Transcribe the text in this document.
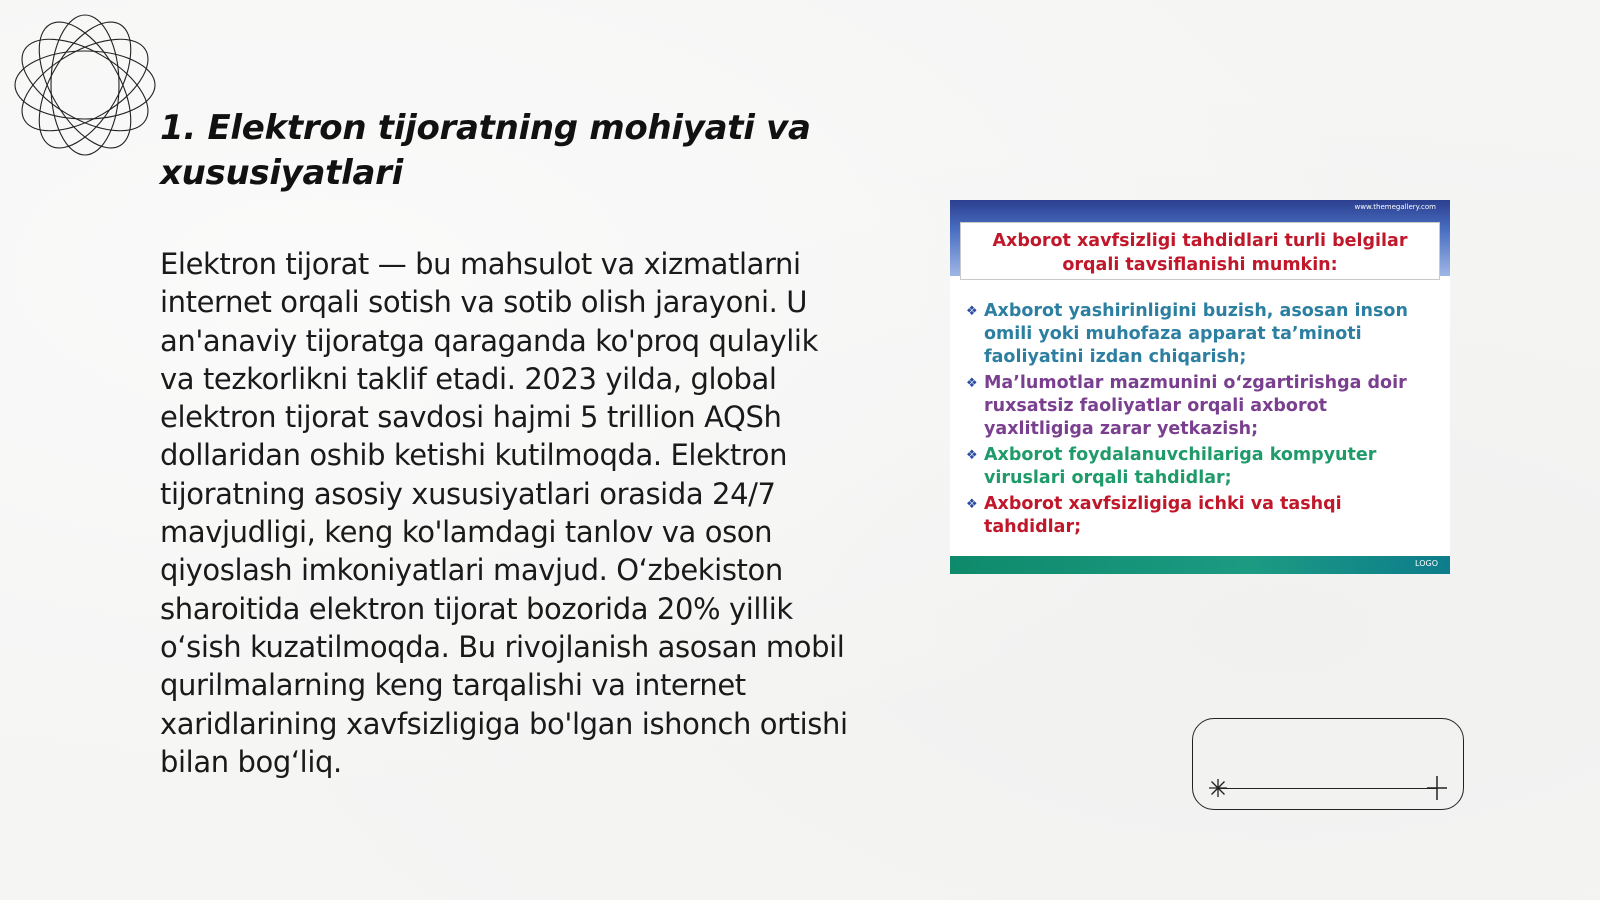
1. Elektron tijoratning mohiyati va xususiyatlari

Elektron tijorat — bu mahsulot va xizmatlarni internet orqali sotish va sotib olish jarayoni. U an'anaviy tijoratga qaraganda ko'proq qulaylik va tezkorlikni taklif etadi. 2023 yilda, global elektron tijorat savdosi hajmi 5 trillion AQSh dollaridan oshib ketishi kutilmoqda. Elektron tijoratning asosiy xususiyatlari orasida 24/7 mavjudligi, keng ko'lamdagi tanlov va oson qiyoslash imkoniyatlari mavjud. O‘zbekiston sharoitida elektron tijorat bozorida 20% yillik o‘sish kuzatilmoqda. Bu rivojlanish asosan mobil qurilmalarning keng tarqalishi va internet xaridlarining xavfsizligiga bo'lgan ishonch ortishi bilan bog‘liq.

www.themegallery.com
Axborot xavfsizligi tahdidlari turli belgilar orqali tavsiflanishi mumkin:
❖ Axborot yashirinligini buzish, asosan inson omili yoki muhofaza apparat ta’minoti faoliyatini izdan chiqarish;
❖ Ma’lumotlar mazmunini o‘zgartirishga doir ruxsatsiz faoliyatlar orqali axborot yaxlitligiga zarar yetkazish;
❖ Axborot foydalanuvchilariga kompyuter viruslari orqali tahdidlar;
❖ Axborot xavfsizligiga ichki va tashqi tahdidlar;
LOGO
